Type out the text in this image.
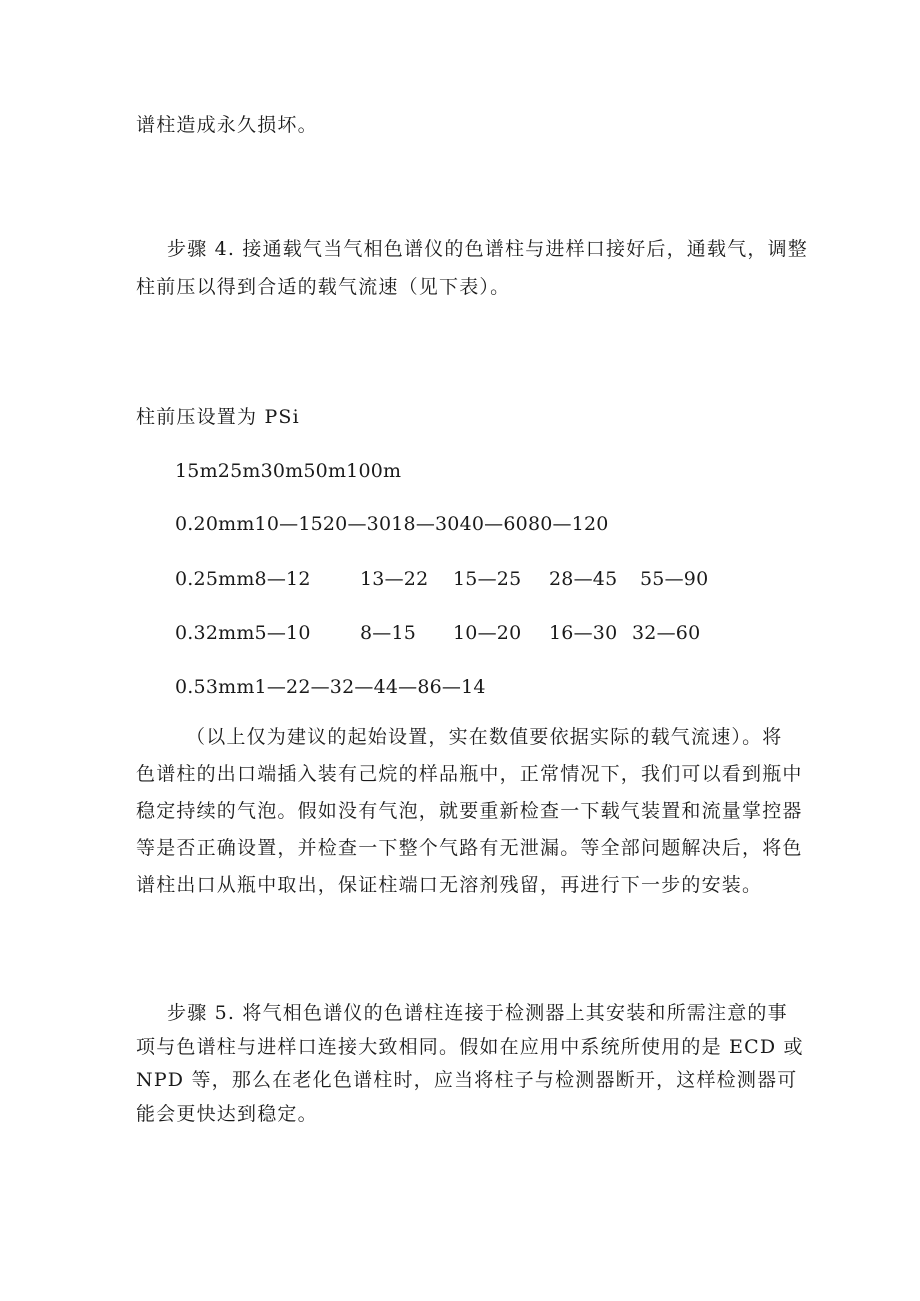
谱柱造成永久损坏。
步骤 4. 接通载气当气相色谱仪的色谱柱与进样口接好后，通载气，调整
柱前压以得到合适的载气流速（见下表）。
柱前压设置为 PSi
15m25m30m50m100m
0.20mm10—1520—3018—3040—6080—120
0.25mm8—12	13—22 15—25 28—45 55—90
0.32mm5—10	8—15 10—20 16—30 32—60
0.53mm1—22—32—44—86—14
（以上仅为建议的起始设置，实在数值要依据实际的载气流速）。将
色谱柱的出口端插入装有己烷的样品瓶中，正常情况下，我们可以看到瓶中
稳定持续的气泡。假如没有气泡，就要重新检查一下载气装置和流量掌控器
等是否正确设置，并检查一下整个气路有无泄漏。等全部问题解决后，将色
谱柱出口从瓶中取出，保证柱端口无溶剂残留，再进行下一步的安装。
步骤 5. 将气相色谱仪的色谱柱连接于检测器上其安装和所需注意的事
项与色谱柱与进样口连接大致相同。假如在应用中系统所使用的是 ECD 或
NPD 等，那么在老化色谱柱时，应当将柱子与检测器断开，这样检测器可
能会更快达到稳定。
